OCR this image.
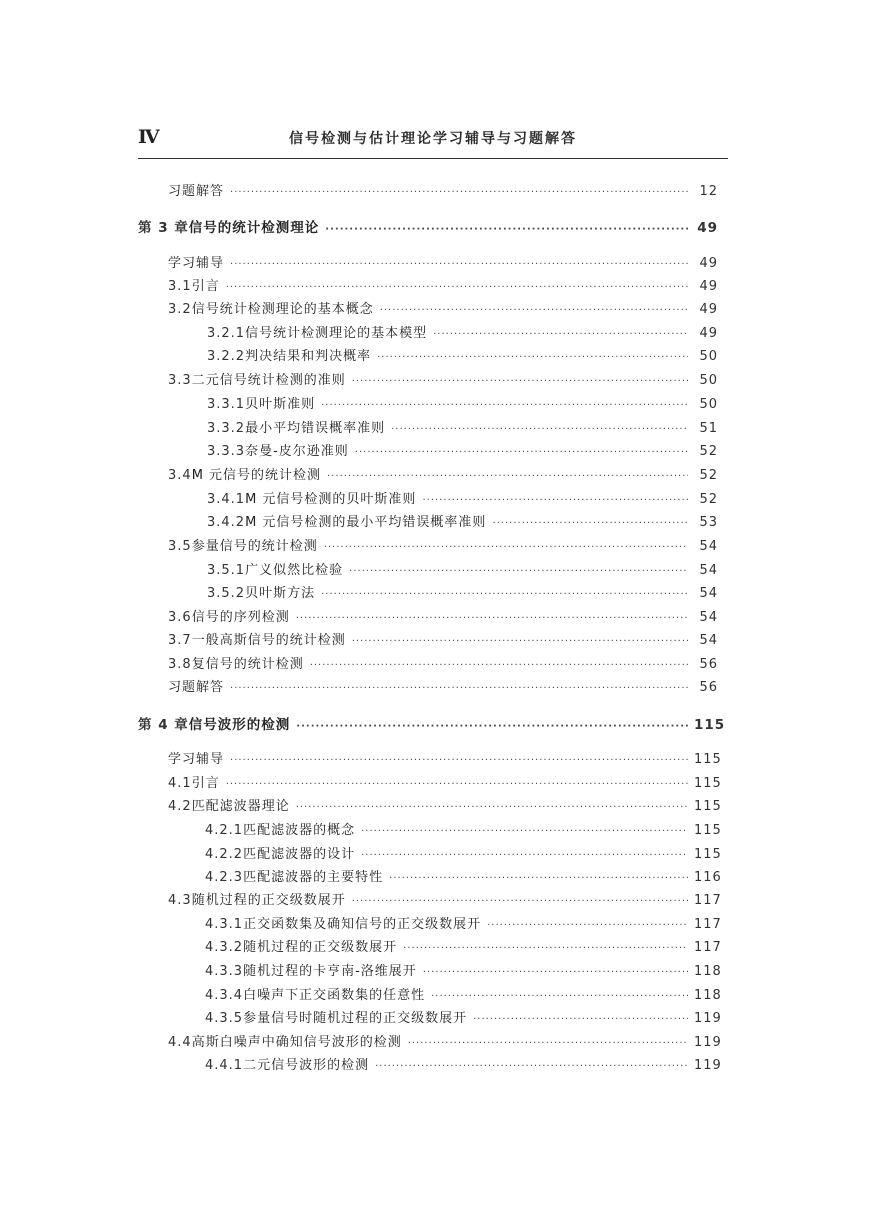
Ⅳ	信号检测与估计理论学习辅导与习题解答
习题解答 ·····	12
第 3 章 信号的统计检测理论 ·····	49
学习辅导 ·····	49
3.1 引言 ·····	49
3.2 信号统计检测理论的基本概念 ·····	49
3.2.1 信号统计检测理论的基本模型 ·····	49
3.2.2 判决结果和判决概率 ·····	50
3.3 二元信号统计检测的准则 ·····	50
3.3.1 贝叶斯准则 ·····	50
3.3.2 最小平均错误概率准则 ·····	51
3.3.3 奈曼-皮尔逊准则 ·····	52
3.4 M 元信号的统计检测 ·····	52
3.4.1 M 元信号检测的贝叶斯准则 ·····	52
3.4.2 M 元信号检测的最小平均错误概率准则 ·····	53
3.5 参量信号的统计检测 ·····	54
3.5.1 广义似然比检验 ·····	54
3.5.2 贝叶斯方法 ·····	54
3.6 信号的序列检测 ·····	54
3.7 一般高斯信号的统计检测 ·····	54
3.8 复信号的统计检测 ·····	56
习题解答 ·····	56
第 4 章 信号波形的检测 ·····	115
学习辅导 ·····	115
4.1 引言 ·····	115
4.2 匹配滤波器理论 ·····	115
4.2.1 匹配滤波器的概念 ·····	115
4.2.2 匹配滤波器的设计 ·····	115
4.2.3 匹配滤波器的主要特性 ·····	116
4.3 随机过程的正交级数展开 ·····	117
4.3.1 正交函数集及确知信号的正交级数展开 ·····	117
4.3.2 随机过程的正交级数展开 ·····	117
4.3.3 随机过程的卡亨南-洛维展开 ·····	118
4.3.4 白噪声下正交函数集的任意性 ·····	118
4.3.5 参量信号时随机过程的正交级数展开 ·····	119
4.4 高斯白噪声中确知信号波形的检测 ·····	119
4.4.1 二元信号波形的检测 ·····	119
